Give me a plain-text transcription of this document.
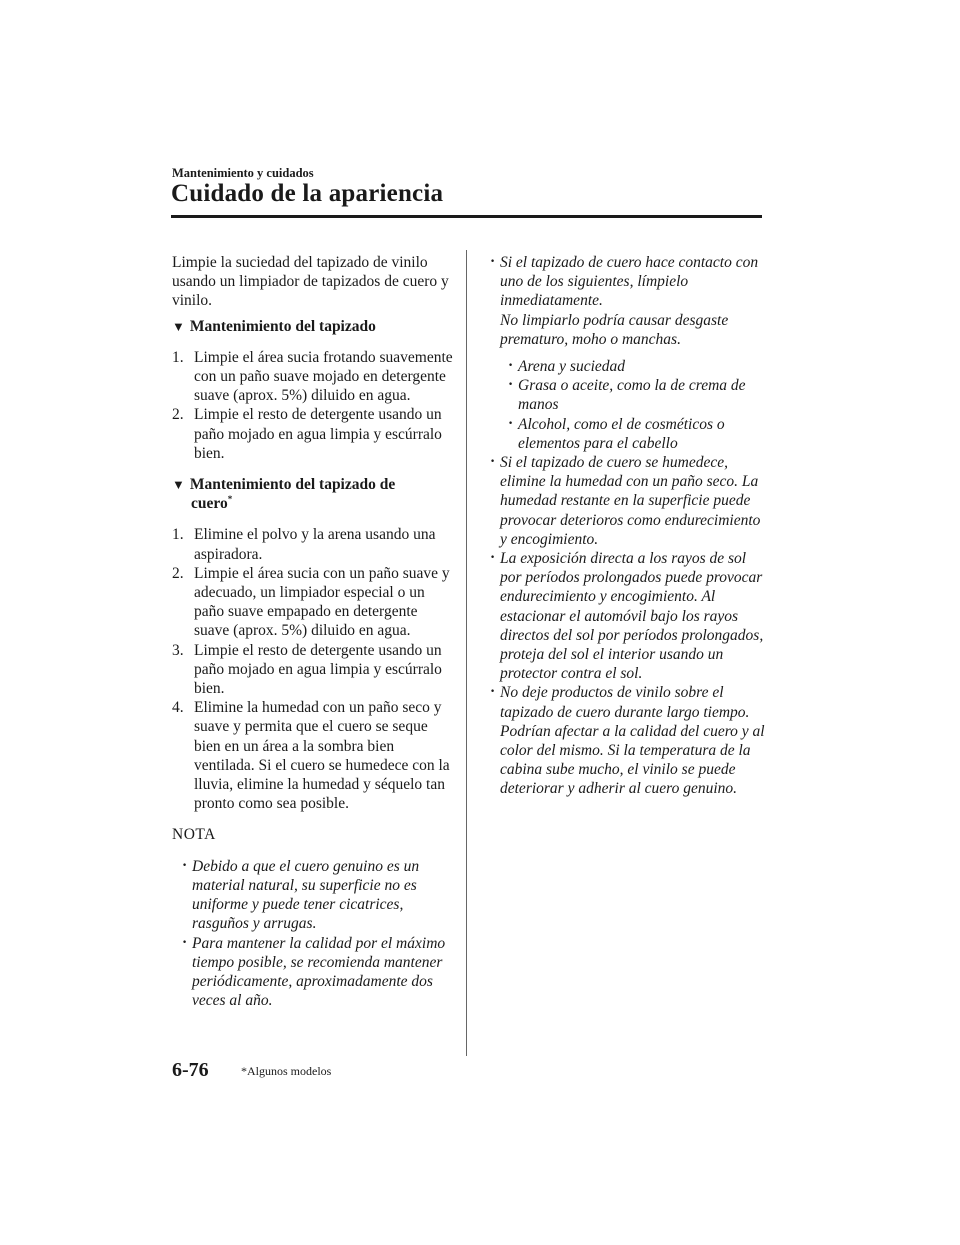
Mantenimiento y cuidados
Cuidado de la apariencia

Limpie la suciedad del tapizado de vinilo usando un limpiador de tapizados de cuero y vinilo.

▼ Mantenimiento del tapizado
1. Limpie el área sucia frotando suavemente con un paño suave mojado en detergente suave (aprox. 5%) diluido en agua.
2. Limpie el resto de detergente usando un paño mojado en agua limpia y escúrralo bien.
▼ Mantenimiento del tapizado de
cuero*
1. Elimine el polvo y la arena usando una aspiradora.
2. Limpie el área sucia con un paño suave y adecuado, un limpiador especial o un paño suave empapado en detergente suave (aprox. 5%) diluido en agua.
3. Limpie el resto de detergente usando un paño mojado en agua limpia y escúrralo bien.
4. Elimine la humedad con un paño seco y suave y permita que el cuero se seque bien en un área a la sombra bien ventilada. Si el cuero se humedece con la lluvia, elimine la humedad y séquelo tan pronto como sea posible.
NOTA
· Debido a que el cuero genuino es un material natural, su superficie no es uniforme y puede tener cicatrices, rasguños y arrugas.
· Para mantener la calidad por el máximo tiempo posible, se recomienda mantener periódicamente, aproximadamente dos veces al año.
· Si el tapizado de cuero hace contacto con uno de los siguientes, límpielo inmediatamente.
No limpiarlo podría causar desgaste prematuro, moho o manchas.
· Arena y suciedad
· Grasa o aceite, como la de crema de manos
· Alcohol, como el de cosméticos o elementos para el cabello
· Si el tapizado de cuero se humedece, elimine la humedad con un paño seco. La humedad restante en la superficie puede provocar deterioros como endurecimiento y encogimiento.
· La exposición directa a los rayos de sol por períodos prolongados puede provocar endurecimiento y encogimiento. Al estacionar el automóvil bajo los rayos directos del sol por períodos prolongados, proteja del sol el interior usando un protector contra el sol.
· No deje productos de vinilo sobre el tapizado de cuero durante largo tiempo. Podrían afectar a la calidad del cuero y al color del mismo. Si la temperatura de la cabina sube mucho, el vinilo se puede deteriorar y adherir al cuero genuino.
6-76	*Algunos modelos
